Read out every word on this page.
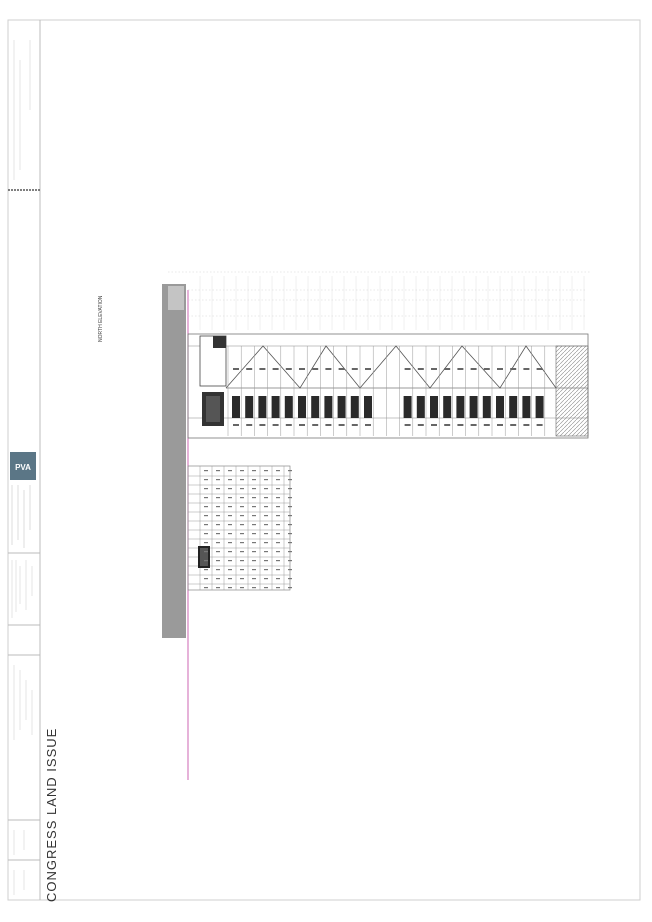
PVA
CONGRESS LAND ISSUE
NORTH ELEVATION
